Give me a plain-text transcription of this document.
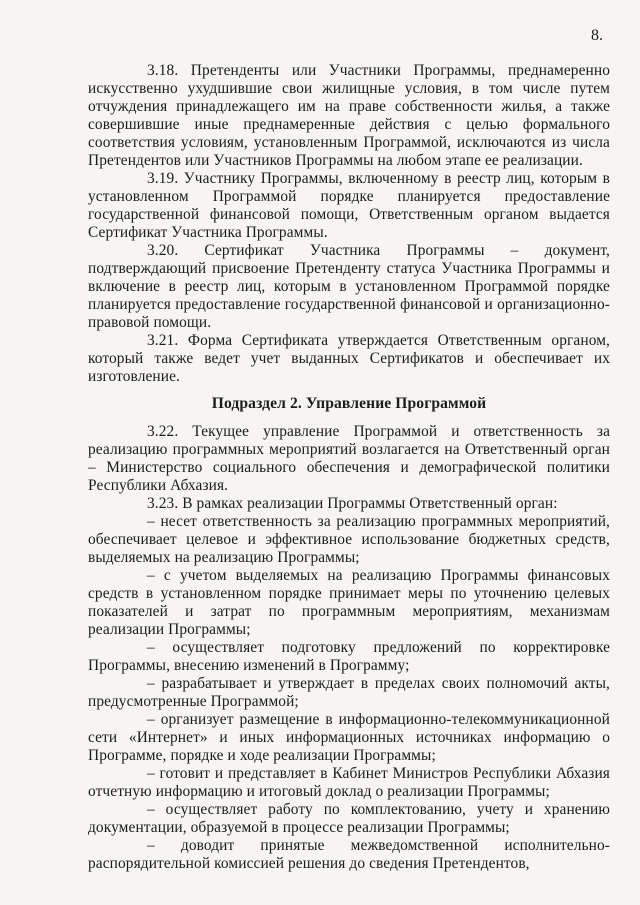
8.

3.18. Претенденты или Участники Программы, преднамеренно искусственно ухудшившие свои жилищные условия, в том числе путем отчуждения принадлежащего им на праве собственности жилья, а также совершившие иные преднамеренные действия с целью формального соответствия условиям, установленным Программой, исключаются из числа Претендентов или Участников Программы на любом этапе ее реализации.

3.19. Участнику Программы, включенному в реестр лиц, которым в установленном Программой порядке планируется предоставление государственной финансовой помощи, Ответственным органом выдается Сертификат Участника Программы.

3.20. Сертификат Участника Программы – документ, подтверждающий присвоение Претенденту статуса Участника Программы и включение в реестр лиц, которым в установленном Программой порядке планируется предоставление государственной финансовой и организационно-правовой помощи.

3.21. Форма Сертификата утверждается Ответственным органом, который также ведет учет выданных Сертификатов и обеспечивает их изготовление.

Подраздел 2. Управление Программой

3.22. Текущее управление Программой и ответственность за реализацию программных мероприятий возлагается на Ответственный орган – Министерство социального обеспечения и демографической политики Республики Абхазия.

3.23. В рамках реализации Программы Ответственный орган:

– несет ответственность за реализацию программных мероприятий, обеспечивает целевое и эффективное использование бюджетных средств, выделяемых на реализацию Программы;

– с учетом выделяемых на реализацию Программы финансовых средств в установленном порядке принимает меры по уточнению целевых показателей и затрат по программным мероприятиям, механизмам реализации Программы;

– осуществляет подготовку предложений по корректировке Программы, внесению изменений в Программу;

– разрабатывает и утверждает в пределах своих полномочий акты, предусмотренные Программой;

– организует размещение в информационно-телекоммуникационной сети «Интернет» и иных информационных источниках информацию о Программе, порядке и ходе реализации Программы;

– готовит и представляет в Кабинет Министров Республики Абхазия отчетную информацию и итоговый доклад о реализации Программы;

– осуществляет работу по комплектованию, учету и хранению документации, образуемой в процессе реализации Программы;

– доводит принятые межведомственной исполнительно-распорядительной комиссией решения до сведения Претендентов,
